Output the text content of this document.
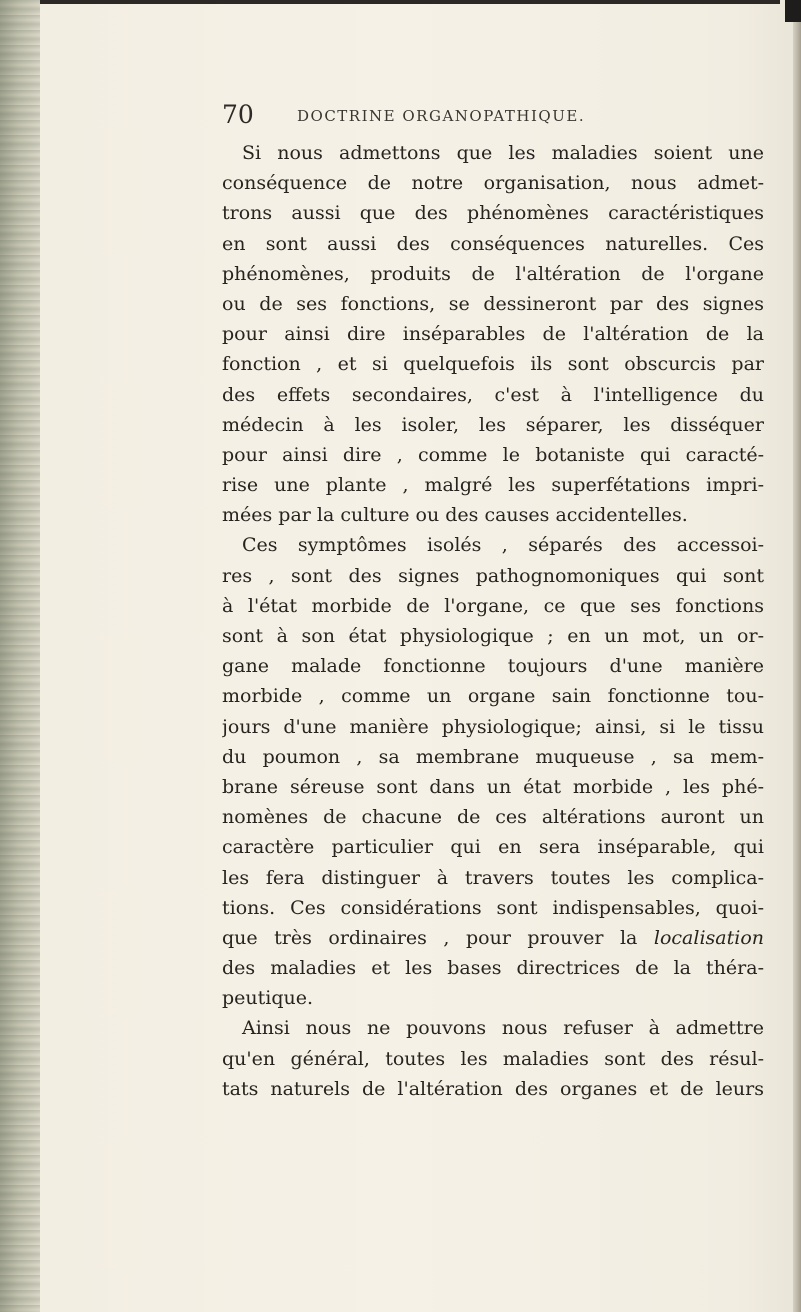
70	DOCTRINE ORGANOPATHIQUE.
Si nous admettons que les maladies soient une
conséquence de notre organisation, nous admet-
trons aussi que des phénomènes caractéristiques
en sont aussi des conséquences naturelles. Ces
phénomènes, produits de l'altération de l'organe
ou de ses fonctions, se dessineront par des signes
pour ainsi dire inséparables de l'altération de la
fonction , et si quelquefois ils sont obscurcis par
des effets secondaires, c'est à l'intelligence du
médecin à les isoler, les séparer, les disséquer
pour ainsi dire , comme le botaniste qui caracté-
rise une plante , malgré les superfétations impri-
mées par la culture ou des causes accidentelles.
Ces symptômes isolés , séparés des accessoi-
res , sont des signes pathognomoniques qui sont
à l'état morbide de l'organe, ce que ses fonctions
sont à son état physiologique ; en un mot, un or-
gane malade fonctionne toujours d'une manière
morbide , comme un organe sain fonctionne tou-
jours d'une manière physiologique; ainsi, si le tissu
du poumon , sa membrane muqueuse , sa mem-
brane séreuse sont dans un état morbide , les phé-
nomènes de chacune de ces altérations auront un
caractère particulier qui en sera inséparable, qui
les fera distinguer à travers toutes les complica-
tions. Ces considérations sont indispensables, quoi-
que très ordinaires , pour prouver la localisation
des maladies et les bases directrices de la théra-
peutique.
Ainsi nous ne pouvons nous refuser à admettre
qu'en général, toutes les maladies sont des résul-
tats naturels de l'altération des organes et de leurs
